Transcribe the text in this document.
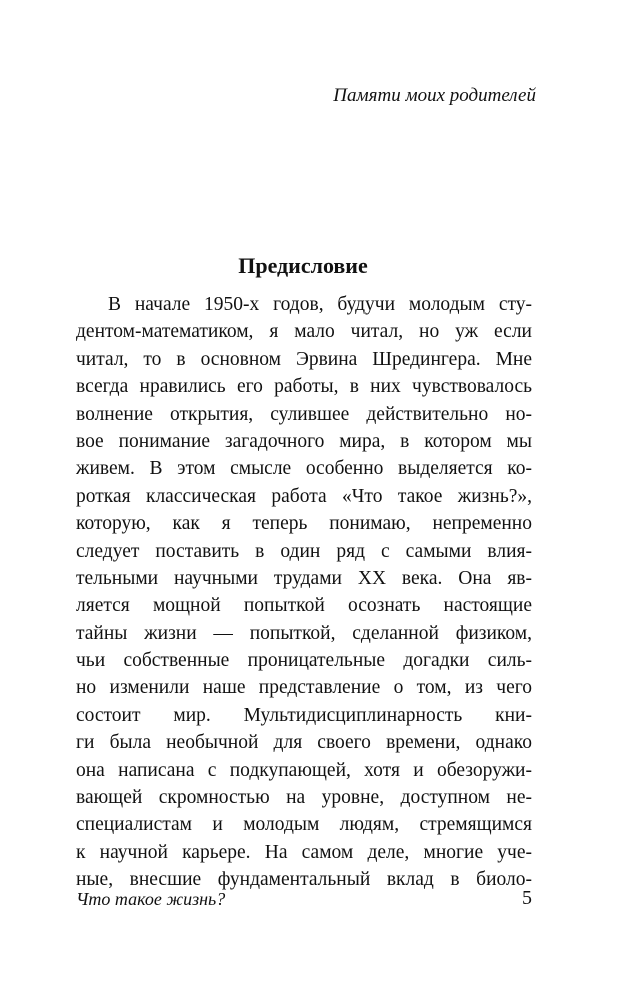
Памяти моих родителей
Предисловие
В начале 1950-х годов, будучи молодым сту-
дентом-математиком, я мало читал, но уж если
читал, то в основном Эрвина Шредингера. Мне
всегда нравились его работы, в них чувствовалось
волнение открытия, сулившее действительно но-
вое понимание загадочного мира, в котором мы
живем. В этом смысле особенно выделяется ко-
роткая классическая работа «Что такое жизнь?»,
которую, как я теперь понимаю, непременно
следует поставить в один ряд с самыми влия-
тельными научными трудами XX века. Она яв-
ляется мощной попыткой осознать настоящие
тайны жизни — попыткой, сделанной физиком,
чьи собственные проницательные догадки силь-
но изменили наше представление о том, из чего
состоит мир. Мультидисциплинарность кни-
ги была необычной для своего времени, однако
она написана с подкупающей, хотя и обезоружи-
вающей скромностью на уровне, доступном не-
специалистам и молодым людям, стремящимся
к научной карьере. На самом деле, многие уче-
ные, внесшие фундаментальный вклад в биоло-
Что такое жизнь?	5
